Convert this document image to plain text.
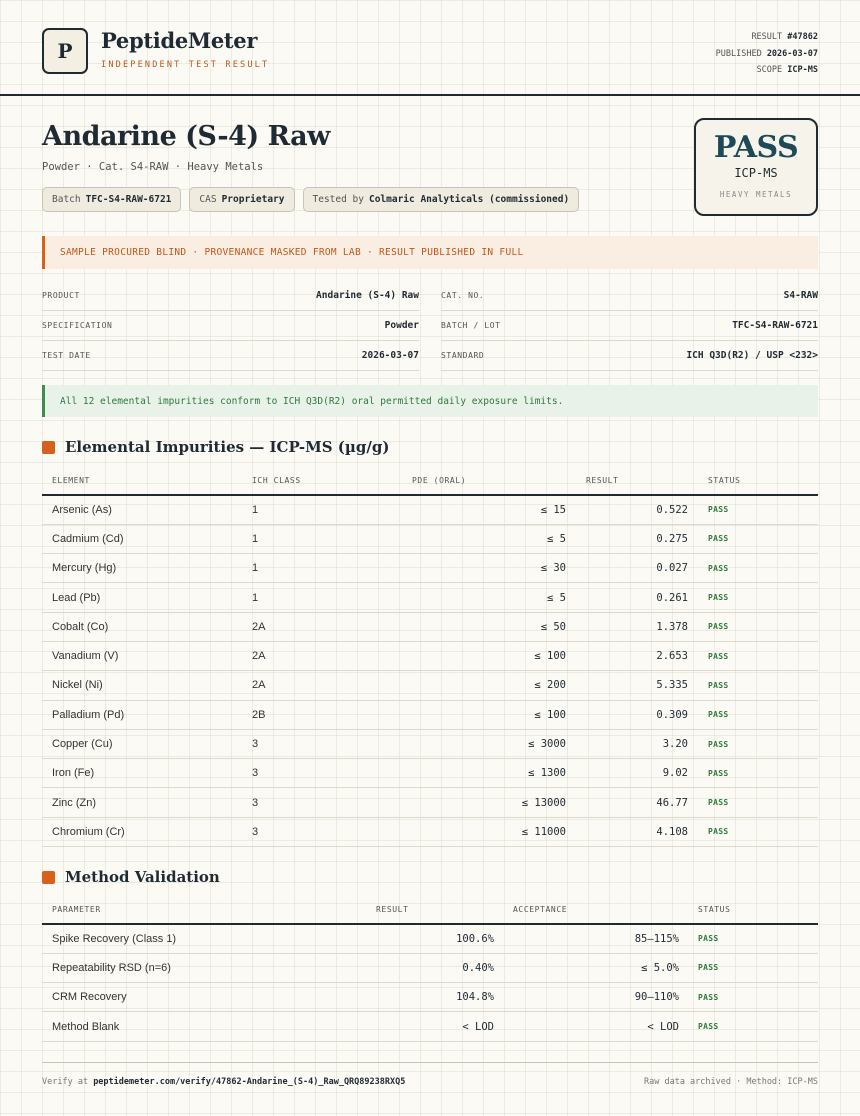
P	PeptideMeter
INDEPENDENT TEST RESULT
RESULT #47862
PUBLISHED 2026-03-07
SCOPE ICP-MS
Andarine (S-4) Raw
Powder · Cat. S4-RAW · Heavy Metals
Batch TFC-S4-RAW-6721	CAS Proprietary	Tested by Colmaric Analyticals (commissioned)
PASS
ICP-MS
HEAVY METALS
SAMPLE PROCURED BLIND · PROVENANCE MASKED FROM LAB · RESULT PUBLISHED IN FULL
PRODUCT	Andarine (S-4) Raw
SPECIFICATION	Powder
TEST DATE	2026-03-07
CAT. NO.	S4-RAW
BATCH / LOT	TFC-S4-RAW-6721
STANDARD	ICH Q3D(R2) / USP <232>
All 12 elemental impurities conform to ICH Q3D(R2) oral permitted daily exposure limits.
Elemental Impurities — ICP-MS (µg/g)
ELEMENT	ICH CLASS	PDE (ORAL)	RESULT	STATUS
Arsenic (As)	1	≤ 15	0.522	PASS
Cadmium (Cd)	1	≤ 5	0.275	PASS
Mercury (Hg)	1	≤ 30	0.027	PASS
Lead (Pb)	1	≤ 5	0.261	PASS
Cobalt (Co)	2A	≤ 50	1.378	PASS
Vanadium (V)	2A	≤ 100	2.653	PASS
Nickel (Ni)	2A	≤ 200	5.335	PASS
Palladium (Pd)	2B	≤ 100	0.309	PASS
Copper (Cu)	3	≤ 3000	3.20	PASS
Iron (Fe)	3	≤ 1300	9.02	PASS
Zinc (Zn)	3	≤ 13000	46.77	PASS
Chromium (Cr)	3	≤ 11000	4.108	PASS
Method Validation
PARAMETER	RESULT	ACCEPTANCE	STATUS
Spike Recovery (Class 1)	100.6%	85–115%	PASS
Repeatability RSD (n=6)	0.40%	≤ 5.0%	PASS
CRM Recovery	104.8%	90–110%	PASS
Method Blank	< LOD	< LOD	PASS
Verify at peptidemeter.com/verify/47862-Andarine_(S-4)_Raw_QRQ89238RXQ5	Raw data archived · Method: ICP-MS
